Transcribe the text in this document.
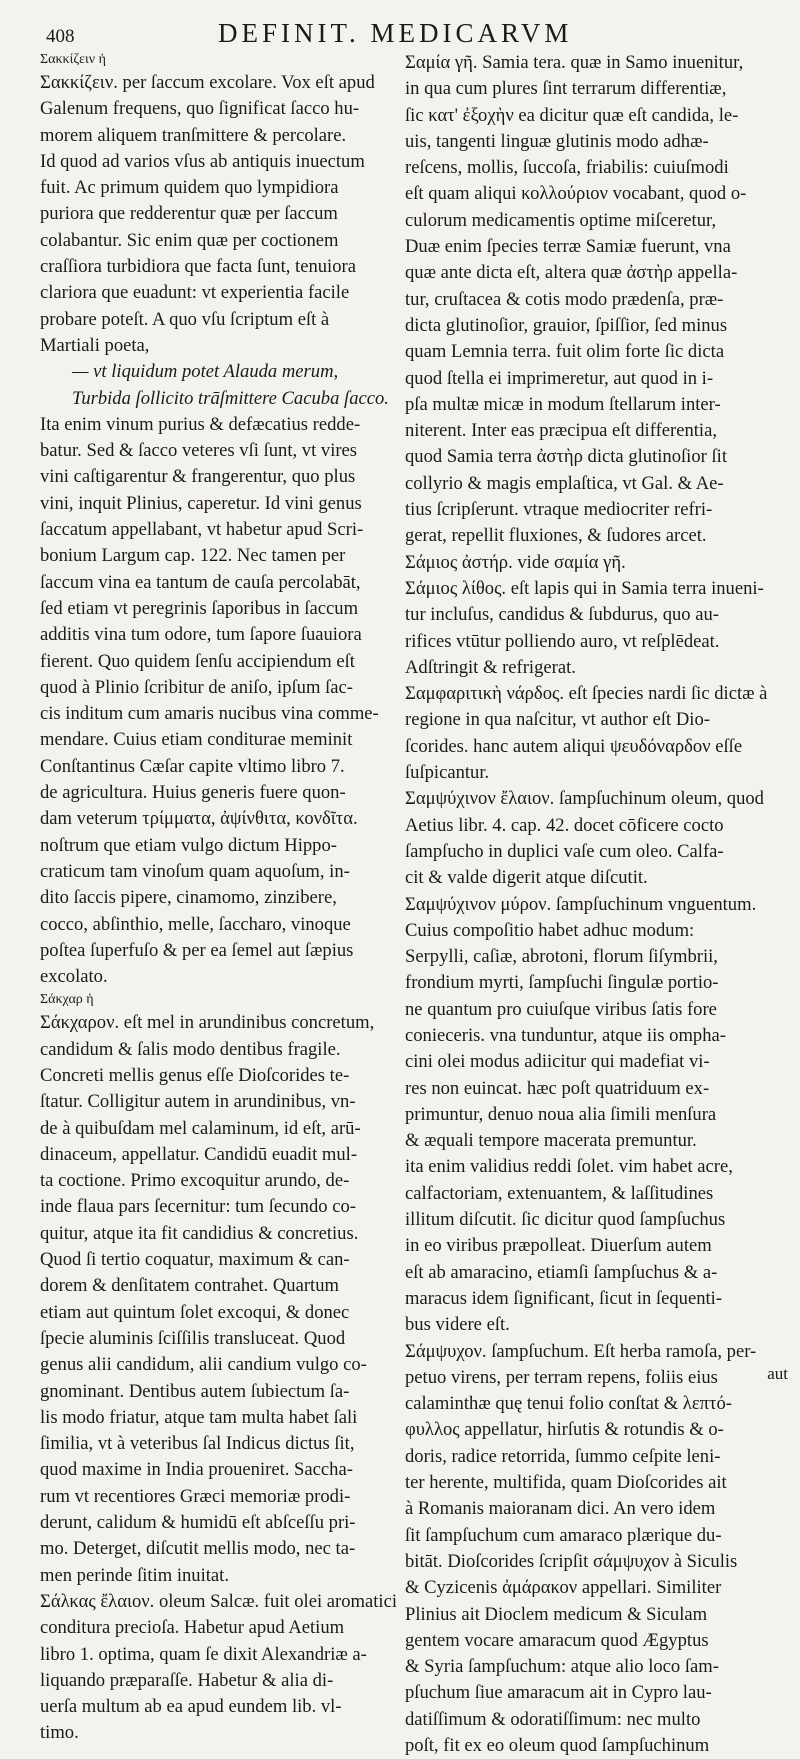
408	DEFINIT. MEDICARVM
Σακκίζειν ἡ
Σακκίζειν. per ſaccum excolare. Vox eſt apud
Galenum frequens, quo ſignificat ſacco hu-
morem aliquem tranſmittere & percolare.
Id quod ad varios vſus ab antiquis inuectum
fuit. Ac primum quidem quo lympidiora
puriora que redderentur quæ per ſaccum
colabantur. Sic enim quæ per coctionem
craſſiora turbidiora que facta ſunt, tenuiora
clariora que euadunt: vt experientia facile
probare poteſt. A quo vſu ſcriptum eſt à
Martiali poeta,
— vt liquidum potet Alauda merum,
Turbida ſollicito trāſmittere Cacuba ſacco.
Ita enim vinum purius & defæcatius redde-
batur. Sed & ſacco veteres vſi ſunt, vt vires
vini caſtigarentur & frangerentur, quo plus
vini, inquit Plinius, caperetur. Id vini genus
ſaccatum appellabant, vt habetur apud Scri-
bonium Largum cap. 122. Nec tamen per
ſaccum vina ea tantum de cauſa percolabāt,
ſed etiam vt peregrinis ſaporibus in ſaccum
additis vina tum odore, tum ſapore ſuauiora
fierent. Quo quidem ſenſu accipiendum eſt
quod à Plinio ſcribitur de aniſo, ipſum ſac-
cis inditum cum amaris nucibus vina comme-
mendare. Cuius etiam conditurae meminit
Conſtantinus Cæſar capite vltimo libro 7.
de agricultura. Huius generis fuere quon-
dam veterum τρίμματα, ἀψίνθιτα, κονδῖτα.
noſtrum que etiam vulgo dictum Hippo-
craticum tam vinoſum quam aquoſum, in-
dito ſaccis pipere, cinamomo, zinzibere,
cocco, abſinthio, melle, ſaccharo, vinoque
poſtea ſuperfuſo & per ea ſemel aut ſæpius
excolato.
Σάκχαρ ἡ
Σάκχαρον. eſt mel in arundinibus concretum,
candidum & ſalis modo dentibus fragile.
Concreti mellis genus eſſe Dioſcorides te-
ſtatur. Colligitur autem in arundinibus, vn-
de à quibuſdam mel calaminum, id eſt, arū-
dinaceum, appellatur. Candidū euadit mul-
ta coctione. Primo excoquitur arundo, de-
inde flaua pars ſecernitur: tum ſecundo co-
quitur, atque ita fit candidius & concretius.
Quod ſi tertio coquatur, maximum & can-
dorem & denſitatem contrahet. Quartum
etiam aut quintum ſolet excoqui, & donec
ſpecie aluminis ſciſſilis transluceat. Quod
genus alii candidum, alii candium vulgo co-
gnominant. Dentibus autem ſubiectum ſa-
lis modo friatur, atque tam multa habet ſali
ſimilia, vt à veteribus ſal Indicus dictus ſit,
quod maxime in India proueniret. Saccha-
rum vt recentiores Græci memoriæ prodi-
derunt, calidum & humidū eſt abſceſſu pri-
mo. Deterget, diſcutit mellis modo, nec ta-
men perinde ſitim inuitat.
Σάλκας ἔλαιον. oleum Salcæ. fuit olei aromatici
conditura precioſa. Habetur apud Aetium
libro 1. optima, quam ſe dixit Alexandriæ a-
liquando præparaſſe. Habetur & alia di-
uerſa multum ab ea apud eundem lib. vl-
timo.
Σαμία γῆ. Samia tera. quæ in Samo inuenitur,
in qua cum plures ſint terrarum differentiæ,
ſic κατ' ἐξοχὴν ea dicitur quæ eſt candida, le-
uis, tangenti linguæ glutinis modo adhæ-
reſcens, mollis, ſuccoſa, friabilis: cuiuſmodi
eſt quam aliqui κολλούριον vocabant, quod o-
culorum medicamentis optime miſceretur,
Duæ enim ſpecies terræ Samiæ fuerunt, vna
quæ ante dicta eſt, altera quæ ἀστὴρ appella-
tur, cruſtacea & cotis modo prædenſa, præ-
dicta glutinoſior, grauior, ſpiſſior, ſed minus
quam Lemnia terra. fuit olim forte ſic dicta
quod ſtella ei imprimeretur, aut quod in i-
pſa multæ micæ in modum ſtellarum inter-
niterent. Inter eas præcipua eſt differentia,
quod Samia terra ἀστὴρ dicta glutinoſior ſit
collyrio & magis emplaſtica, vt Gal. & Ae-
tius ſcripſerunt. vtraque mediocriter refri-
gerat, repellit fluxiones, & ſudores arcet.
Σάμιος ἀστήρ. vide σαμία γῆ.
Σάμιος λίθος. eſt lapis qui in Samia terra inueni-
tur incluſus, candidus & ſubdurus, quo au-
rifices vtūtur polliendo auro, vt reſplēdeat.
Adſtringit & refrigerat.
Σαμφαριτικὴ νάρδος. eſt ſpecies nardi ſic dictæ à
regione in qua naſcitur, vt author eſt Dio-
ſcorides. hanc autem aliqui ψευδόναρδον eſſe
ſuſpicantur.
Σαμψύχινον ἔλαιον. ſampſuchinum oleum, quod
Aetius libr. 4. cap. 42. docet cōficere cocto
ſampſucho in duplici vaſe cum oleo. Calfa-
cit & valde digerit atque diſcutit.
Σαμψύχινον μύρον. ſampſuchinum vnguentum.
Cuius compoſitio habet adhuc modum:
Serpylli, caſiæ, abrotoni, florum ſiſymbrii,
frondium myrti, ſampſuchi ſingulæ portio-
ne quantum pro cuiuſque viribus ſatis fore
conieceris. vna tunduntur, atque iis ompha-
cini olei modus adiicitur qui madefiat vi-
res non euincat. hæc poſt quatriduum ex-
primuntur, denuo noua alia ſimili menſura
& æquali tempore macerata premuntur.
ita enim validius reddi ſolet. vim habet acre,
calfactoriam, extenuantem, & laſſitudines
illitum diſcutit. ſic dicitur quod ſampſuchus
in eo viribus præpolleat. Diuerſum autem
eſt ab amaracino, etiamſi ſampſuchus & a-
maracus idem ſignificant, ſicut in ſequenti-
bus videre eſt.
Σάμψυχον. ſampſuchum. Eſt herba ramoſa, per-
petuo virens, per terram repens, foliis eius
calaminthæ quę tenui folio conſtat & λεπτό-
φυλλος appellatur, hirſutis & rotundis & o-
doris, radice retorrida, ſummo ceſpite leni-
ter herente, multifida, quam Dioſcorides ait
à Romanis maioranam dici. An vero idem
ſit ſampſuchum cum amaraco plærique du-
bitāt. Dioſcorides ſcripſit σάμψυχον à Siculis
& Cyzicenis ἀμάρακον appellari. Similiter
Plinius ait Dioclem medicum & Siculam
gentem vocare amaracum quod Ægyptus
& Syria ſampſuchum: atque alio loco ſam-
pſuchum ſiue amaracum ait in Cypro lau-
datiſſimum & odoratiſſimum: nec multo
poſt, fit ex eo oleum quod ſampſuchinum
aut
